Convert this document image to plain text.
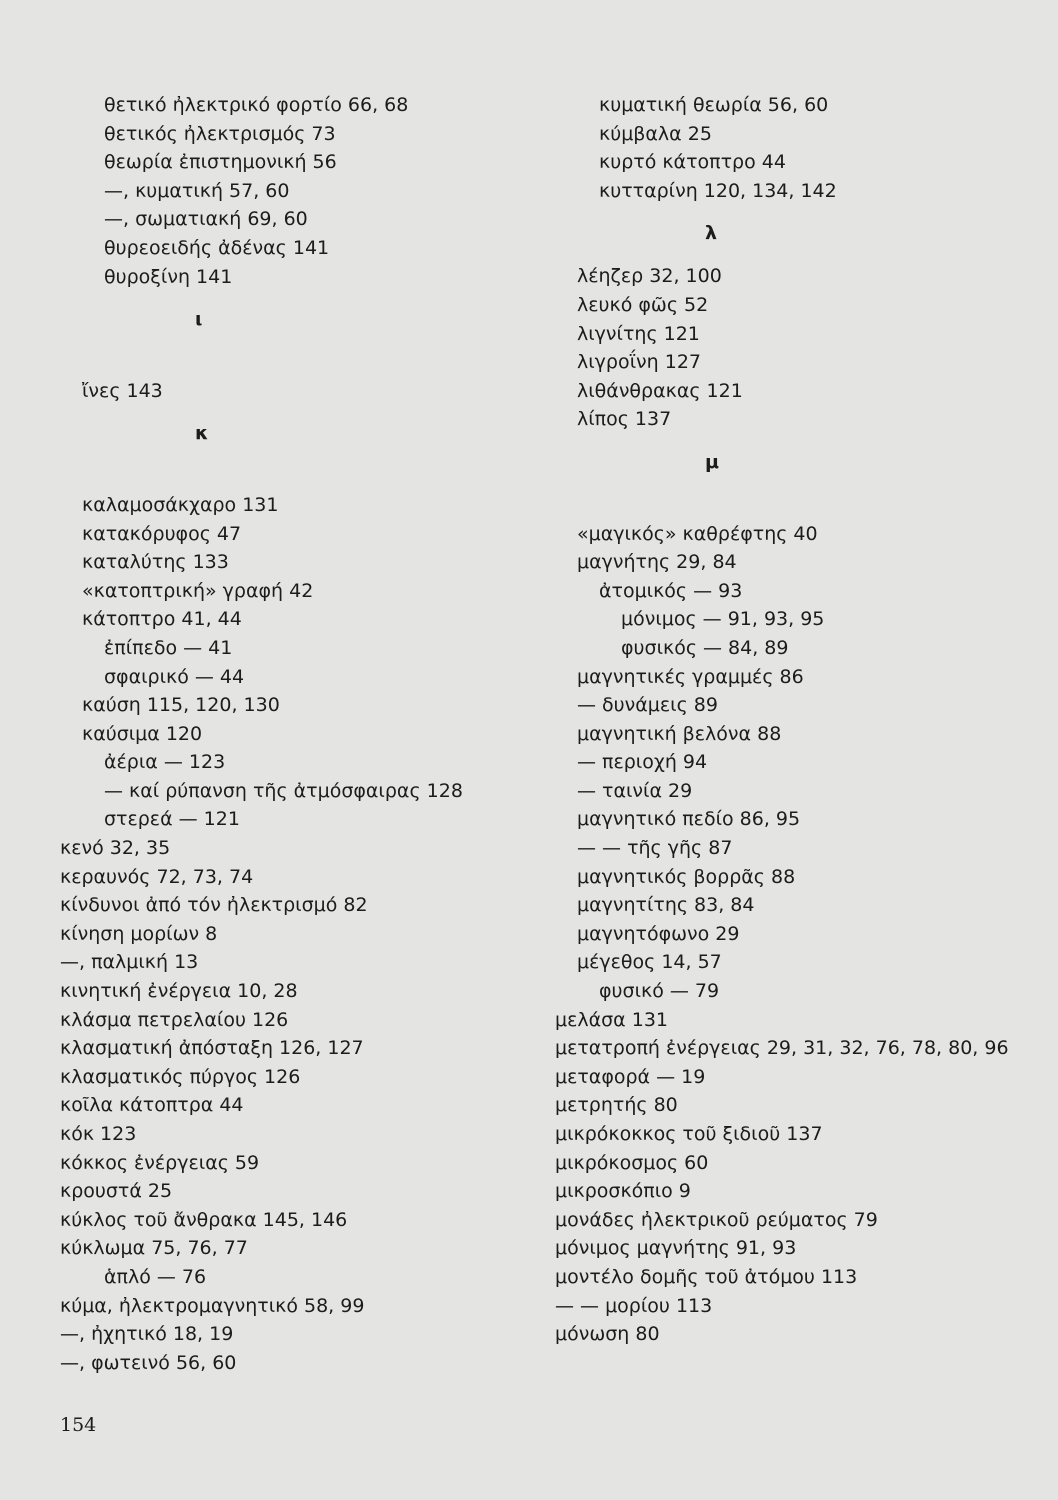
θετικό ἠλεκτρικό φορτίο 66, 68
θετικός ἠλεκτρισμός 73
θεωρία ἐπιστημονική 56
—, κυματική 57, 60
—, σωματιακή 69, 60
θυρεοειδής ἀδένας 141
θυροξίνη 141
ι
ἴνες 143
κ
καλαμοσάκχαρο 131
κατακόρυφος 47
καταλύτης 133
«κατοπτρική» γραφή 42
κάτοπτρο 41, 44
ἐπίπεδο — 41
σφαιρικό — 44
καύση 115, 120, 130
καύσιμα 120
ἀέρια — 123
— καί ρύπανση τῆς ἀτμόσφαιρας 128
στερεά — 121
κενό 32, 35
κεραυνός 72, 73, 74
κίνδυνοι ἀπό τόν ἠλεκτρισμό 82
κίνηση μορίων 8
—, παλμική 13
κινητική ἐνέργεια 10, 28
κλάσμα πετρελαίου 126
κλασματική ἀπόσταξη 126, 127
κλασματικός πύργος 126
κοῖλα κάτοπτρα 44
κόκ 123
κόκκος ἐνέργειας 59
κρουστά 25
κύκλος τοῦ ἄνθρακα 145, 146
κύκλωμα 75, 76, 77
ἁπλό — 76
κύμα, ἠλεκτρομαγνητικό 58, 99
—, ἠχητικό 18, 19
—, φωτεινό 56, 60
κυματική θεωρία 56, 60
κύμβαλα 25
κυρτό κάτοπτρο 44
κυτταρίνη 120, 134, 142
λ
λέηζερ 32, 100
λευκό φῶς 52
λιγνίτης 121
λιγροΐνη 127
λιθάνθρακας 121
λίπος 137
μ
«μαγικός» καθρέφτης 40
μαγνήτης 29, 84
ἀτομικός — 93
μόνιμος — 91, 93, 95
φυσικός — 84, 89
μαγνητικές γραμμές 86
— δυνάμεις 89
μαγνητική βελόνα 88
— περιοχή 94
— ταινία 29
μαγνητικό πεδίο 86, 95
— — τῆς γῆς 87
μαγνητικός βορρᾶς 88
μαγνητίτης 83, 84
μαγνητόφωνο 29
μέγεθος 14, 57
φυσικό — 79
μελάσα 131
μετατροπή ἐνέργειας 29, 31, 32, 76, 78, 80, 96
μεταφορά — 19
μετρητής 80
μικρόκοκκος τοῦ ξιδιοῦ 137
μικρόκοσμος 60
μικροσκόπιο 9
μονάδες ἠλεκτρικοῦ ρεύματος 79
μόνιμος μαγνήτης 91, 93
μοντέλο δομῆς τοῦ ἀτόμου 113
— — μορίου 113
μόνωση 80
154
